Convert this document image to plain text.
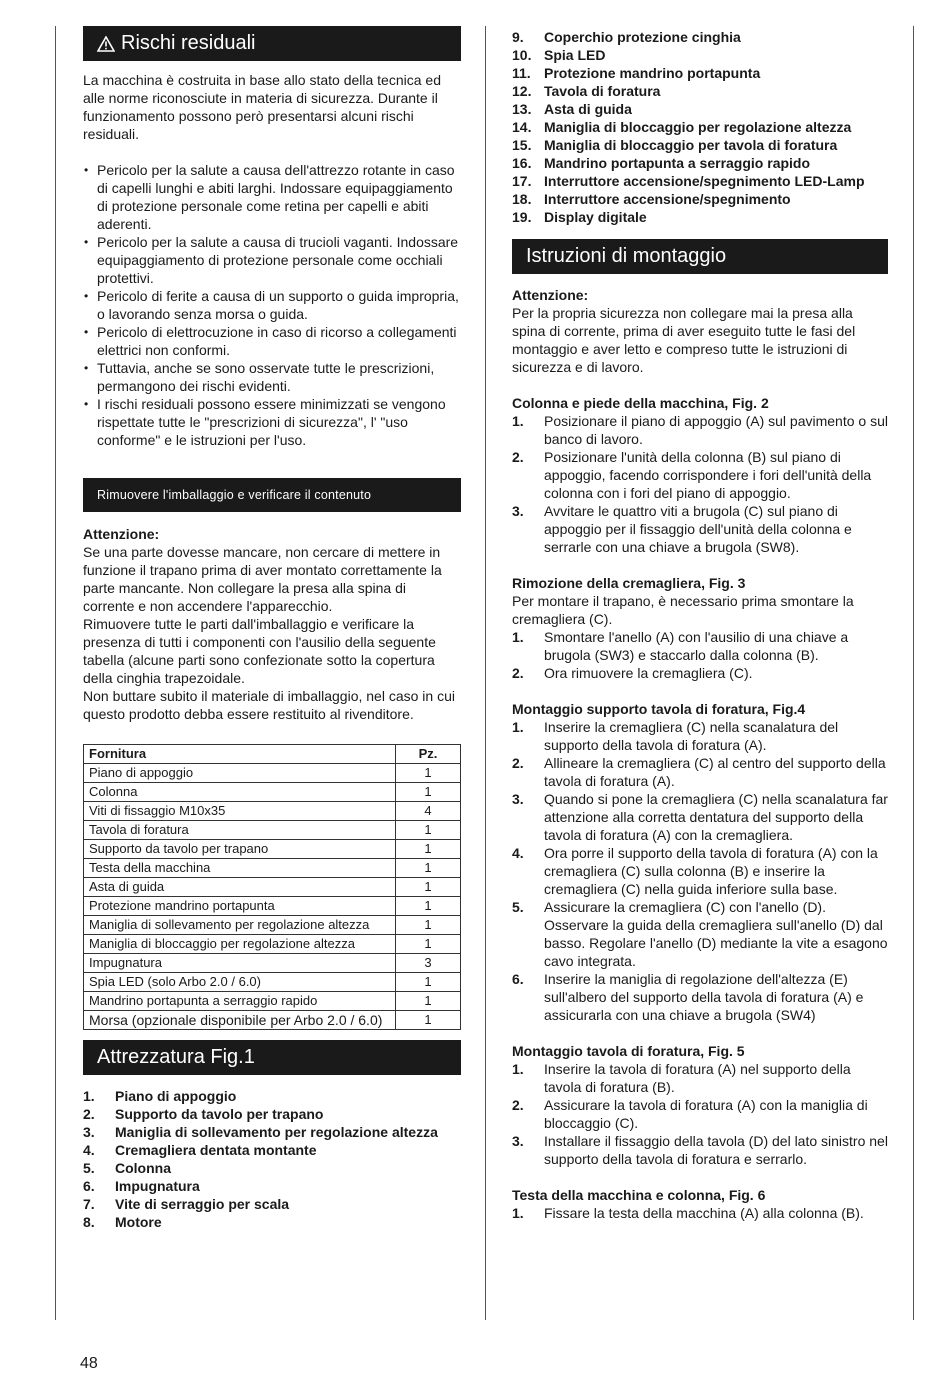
Rischi residuali

La macchina è costruita in base allo stato della tecnica ed alle norme riconosciute in materia di sicurezza. Durante il funzionamento possono però presentarsi alcuni rischi residuali.

• Pericolo per la salute a causa dell'attrezzo rotante in caso di capelli lunghi e abiti larghi. Indossare equipaggiamento di protezione personale come retina per capelli e abiti aderenti.
• Pericolo per la salute a causa di trucioli vaganti. Indossare equipaggiamento di protezione personale come occhiali protettivi.
• Pericolo di ferite a causa di un supporto o guida impropria, o lavorando senza morsa o guida.
• Pericolo di elettrocuzione in caso di ricorso a collegamenti elettrici non conformi.
• Tuttavia, anche se sono osservate tutte le prescrizioni, permangono dei rischi evidenti.
• I rischi residuali possono essere minimizzati se vengono rispettate tutte le "prescrizioni di sicurezza", l' "uso conforme" e le istruzioni per l'uso.
Rimuovere l'imballaggio e verificare il contenuto

Attenzione:

Se una parte dovesse mancare, non cercare di mettere in funzione il trapano prima di aver montato correttamente la parte mancante. Non collegare la presa alla spina di corrente e non accendere l'apparecchio.

Rimuovere tutte le parti dall'imballaggio e verificare la presenza di tutti i componenti con l'ausilio della seguente tabella (alcune parti sono confezionate sotto la copertura della cinghia trapezoidale.

Non buttare subito il materiale di imballaggio, nel caso in cui questo prodotto debba essere restituito al rivenditore.

Fornitura	Pz.
Piano di appoggio	1
Colonna	1
Viti di fissaggio M10x35	4
Tavola di foratura	1
Supporto da tavolo per trapano	1
Testa della macchina	1
Asta di guida	1
Protezione mandrino portapunta	1
Maniglia di sollevamento per regolazione altezza	1
Maniglia di bloccaggio per regolazione altezza	1
Impugnatura	3
Spia LED (solo Arbo 2.0 / 6.0)	1
Mandrino portapunta a serraggio rapido	1
Morsa (opzionale disponibile per Arbo 2.0 / 6.0)	1
Attrezzatura Fig.1
1.	Piano di appoggio
2.	Supporto da tavolo per trapano
3.	Maniglia di sollevamento per regolazione altezza
4.	Cremagliera dentata montante
5.	Colonna
6.	Impugnatura
7.	Vite di serraggio per scala
8.	Motore
9.	Coperchio protezione cinghia
10. Spia LED
11. Protezione mandrino portapunta
12. Tavola di foratura
13. Asta di guida
14. Maniglia di bloccaggio per regolazione altezza
15. Maniglia di bloccaggio per tavola di foratura
16. Mandrino portapunta a serraggio rapido
17. Interruttore accensione/spegnimento LED-Lamp
18. Interruttore accensione/spegnimento
19. Display digitale
Istruzioni di montaggio

Attenzione:

Per la propria sicurezza non collegare mai la presa alla spina di corrente, prima di aver eseguito tutte le fasi del montaggio e aver letto e compreso tutte le istruzioni di sicurezza e di lavoro.

Colonna e piede della macchina, Fig. 2

1.	Posizionare il piano di appoggio (A) sul pavimento o sul banco di lavoro.
2.	Posizionare l'unità della colonna (B) sul piano di appoggio, facendo corrispondere i fori dell'unità della colonna con i fori del piano di appoggio.
3.	Avvitare le quattro viti a brugola (C) sul piano di appoggio per il fissaggio dell'unità della colonna e serrarle con una chiave a brugola (SW8).

Rimozione della cremagliera, Fig. 3

Per montare il trapano, è necessario prima smontare la cremagliera (C).

1.	Smontare l'anello (A) con l'ausilio di una chiave a brugola (SW3) e staccarlo dalla colonna (B).
2.	Ora rimuovere la cremagliera (C).

Montaggio supporto tavola di foratura, Fig.4

1.	Inserire la cremagliera (C) nella scanalatura del supporto della tavola di foratura (A).
2.	Allineare la cremagliera (C) al centro del supporto della tavola di foratura (A).
3.	Quando si pone la cremagliera (C) nella scanalatura far attenzione alla corretta dentatura del supporto della tavola di foratura (A) con la cremagliera.
4.	Ora porre il supporto della tavola di foratura (A) con la cremagliera (C) sulla colonna (B) e inserire la cremagliera (C) nella guida inferiore sulla base.
5.	Assicurare la cremagliera (C) con l'anello (D). Osservare la guida della cremagliera sull'anello (D) dal basso. Regolare l'anello (D) mediante la vite a esagono cavo integrata.
6.	Inserire la maniglia di regolazione dell'altezza (E) sull'albero del supporto della tavola di foratura (A) e assicurarla con una chiave a brugola (SW4)

Montaggio tavola di foratura, Fig. 5

1.	Inserire la tavola di foratura (A) nel supporto della tavola di foratura (B).
2.	Assicurare la tavola di foratura (A) con la maniglia di bloccaggio (C).
3.	Installare il fissaggio della tavola (D) del lato sinistro nel supporto della tavola di foratura e serrarlo.

Testa della macchina e colonna, Fig. 6

1.	Fissare la testa della macchina (A) alla colonna (B).
48
